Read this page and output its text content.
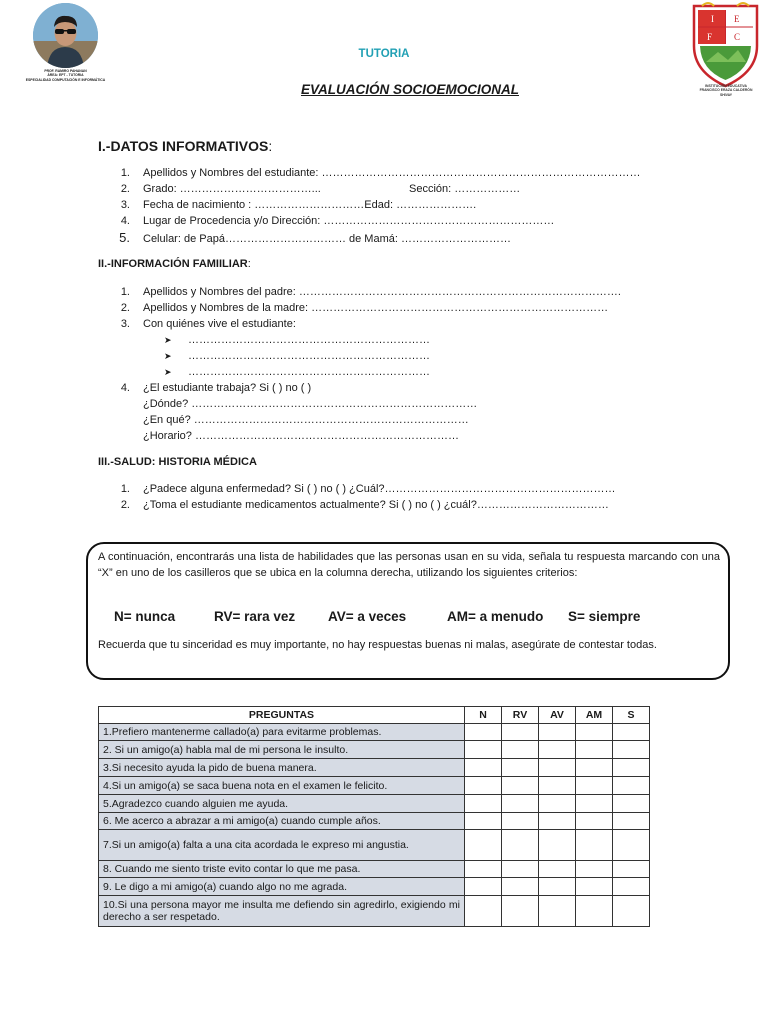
PROF. RAMIRO PAHANAN
ÁREA: EPT - TUTORIA
ESPECIALIDAD COMPUTACIÓN E INFORMÁTICA
TUTORIA
EVALUACIÓN SOCIOEMOCIONAL
I E
F C
INSTITUCIÓN EDUCATIVA
FRANCISCO ERAZA CALDERÓN
SHIVAY
I.-DATOS INFORMATIVOS:
1. Apellidos y Nombres del estudiante: ……………………………………………………………………………
2. Grado: ………………………………...	Sección: ………………
3. Fecha de nacimiento : …………………………Edad: ………………….
4. Lugar de Procedencia y/o Dirección: ………………………………………………………
5. Celular: de Papá…………………………… de Mamá: …………………………
II.-INFORMACIÓN FAMIILIAR:
1. Apellidos y Nombres del padre: …………………………………………………………………………….
2. Apellidos y Nombres de la madre: ………………………………………………………………………
3. Con quiénes vive el estudiante:
➤ …………………………………………………………
➤ …………………………………………………………
➤ …………………………………………………………
4. ¿El estudiante trabaja? Si ( ) no ( )
¿Dónde? ……………………………………………………………………
¿En qué? …………………………………………………………………
¿Horario? ………………………………………………………………
III.-SALUD: HISTORIA MÉDICA
1. ¿Padece alguna enfermedad? Si ( ) no ( ) ¿Cuál?………………………………………………………
2. ¿Toma el estudiante medicamentos actualmente? Si ( ) no ( ) ¿cuál?………………………………
A continuación, encontrarás una lista de habilidades que las personas usan en su vida, señala tu respuesta marcando con una “X” en uno de los casilleros que se ubica en la columna derecha, utilizando los siguientes criterios:
N= nunca	RV= rara vez AV= a veces	AM= a menudo S= siempre
Recuerda que tu sinceridad es muy importante, no hay respuestas buenas ni malas, asegúrate de contestar todas.
PREGUNTAS	N	RV	AV	AM	S
1.Prefiero mantenerme callado(a) para evitarme problemas.					
2. Si un amigo(a) habla mal de mi persona le insulto.					
3.Si necesito ayuda la pido de buena manera.					
4.Si un amigo(a) se saca buena nota en el examen le felicito.					
5.Agradezco cuando alguien me ayuda.					
6. Me acerco a abrazar a mi amigo(a) cuando cumple años.					
7.Si un amigo(a) falta a una cita acordada le expreso mi angustia.					
8. Cuando me siento triste evito contar lo que me pasa.					
9. Le digo a mi amigo(a) cuando algo no me agrada.					
10.Si una persona mayor me insulta me defiendo sin agredirlo, exigiendo mi derecho a ser respetado.					
